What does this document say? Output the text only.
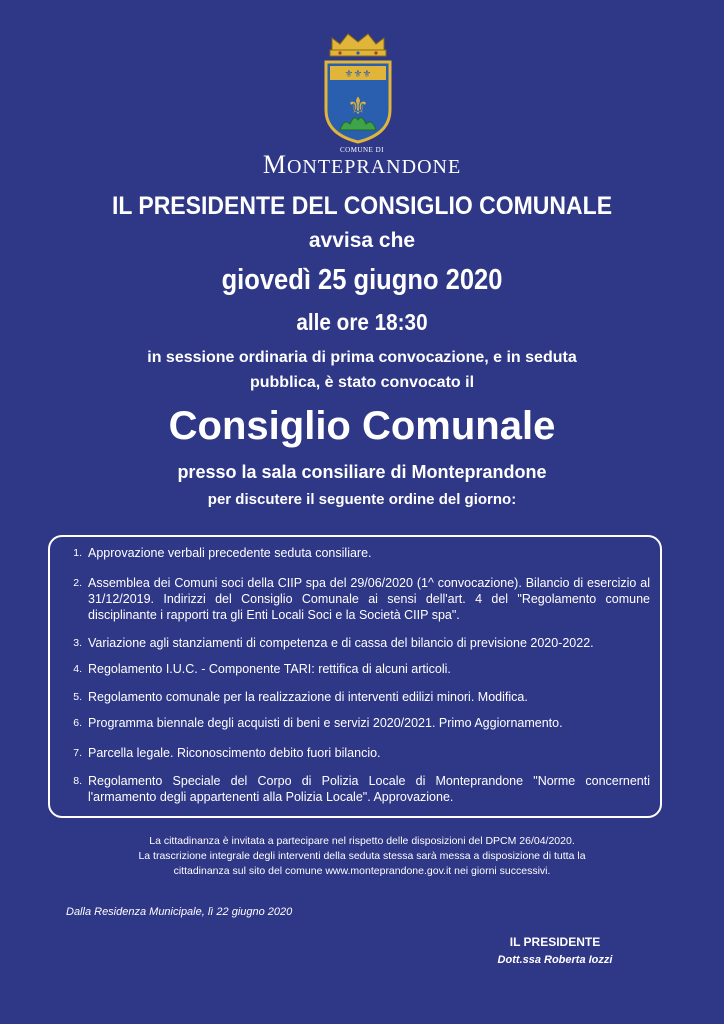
⚜⚜⚜
⚜
COMUNE DI
MONTEPRANDONE
IL PRESIDENTE DEL CONSIGLIO COMUNALE
avvisa che
giovedì 25 giugno 2020
alle ore 18:30
in sessione ordinaria di prima convocazione, e in seduta
pubblica, è stato convocato il
Consiglio Comunale
presso la sala consiliare di Monteprandone
per discutere il seguente ordine del giorno:
1. Approvazione verbali precedente seduta consiliare.
2. Assemblea dei Comuni soci della CIIP spa del 29/06/2020 (1^ convocazione). Bilancio di esercizio al 31/12/2019. Indirizzi del Consiglio Comunale ai sensi dell'art. 4 del "Regolamento comune disciplinante i rapporti tra gli Enti Locali Soci e la Società CIIP spa".
3. Variazione agli stanziamenti di competenza e di cassa del bilancio di previsione 2020-2022.
4. Regolamento I.U.C. - Componente TARI: rettifica di alcuni articoli.
5. Regolamento comunale per la realizzazione di interventi edilizi minori. Modifica.
6. Programma biennale degli acquisti di beni e servizi 2020/2021. Primo Aggiornamento.
7. Parcella legale. Riconoscimento debito fuori bilancio.
8. Regolamento Speciale del Corpo di Polizia Locale di Monteprandone "Norme concernenti l'armamento degli appartenenti alla Polizia Locale". Approvazione.
La cittadinanza è invitata a partecipare nel rispetto delle disposizioni del DPCM 26/04/2020.
La trascrizione integrale degli interventi della seduta stessa sarà messa a disposizione di tutta la
cittadinanza sul sito del comune www.monteprandone.gov.it nei giorni successivi.
Dalla Residenza Municipale, lì 22 giugno 2020
IL PRESIDENTE
Dott.ssa Roberta Iozzi
